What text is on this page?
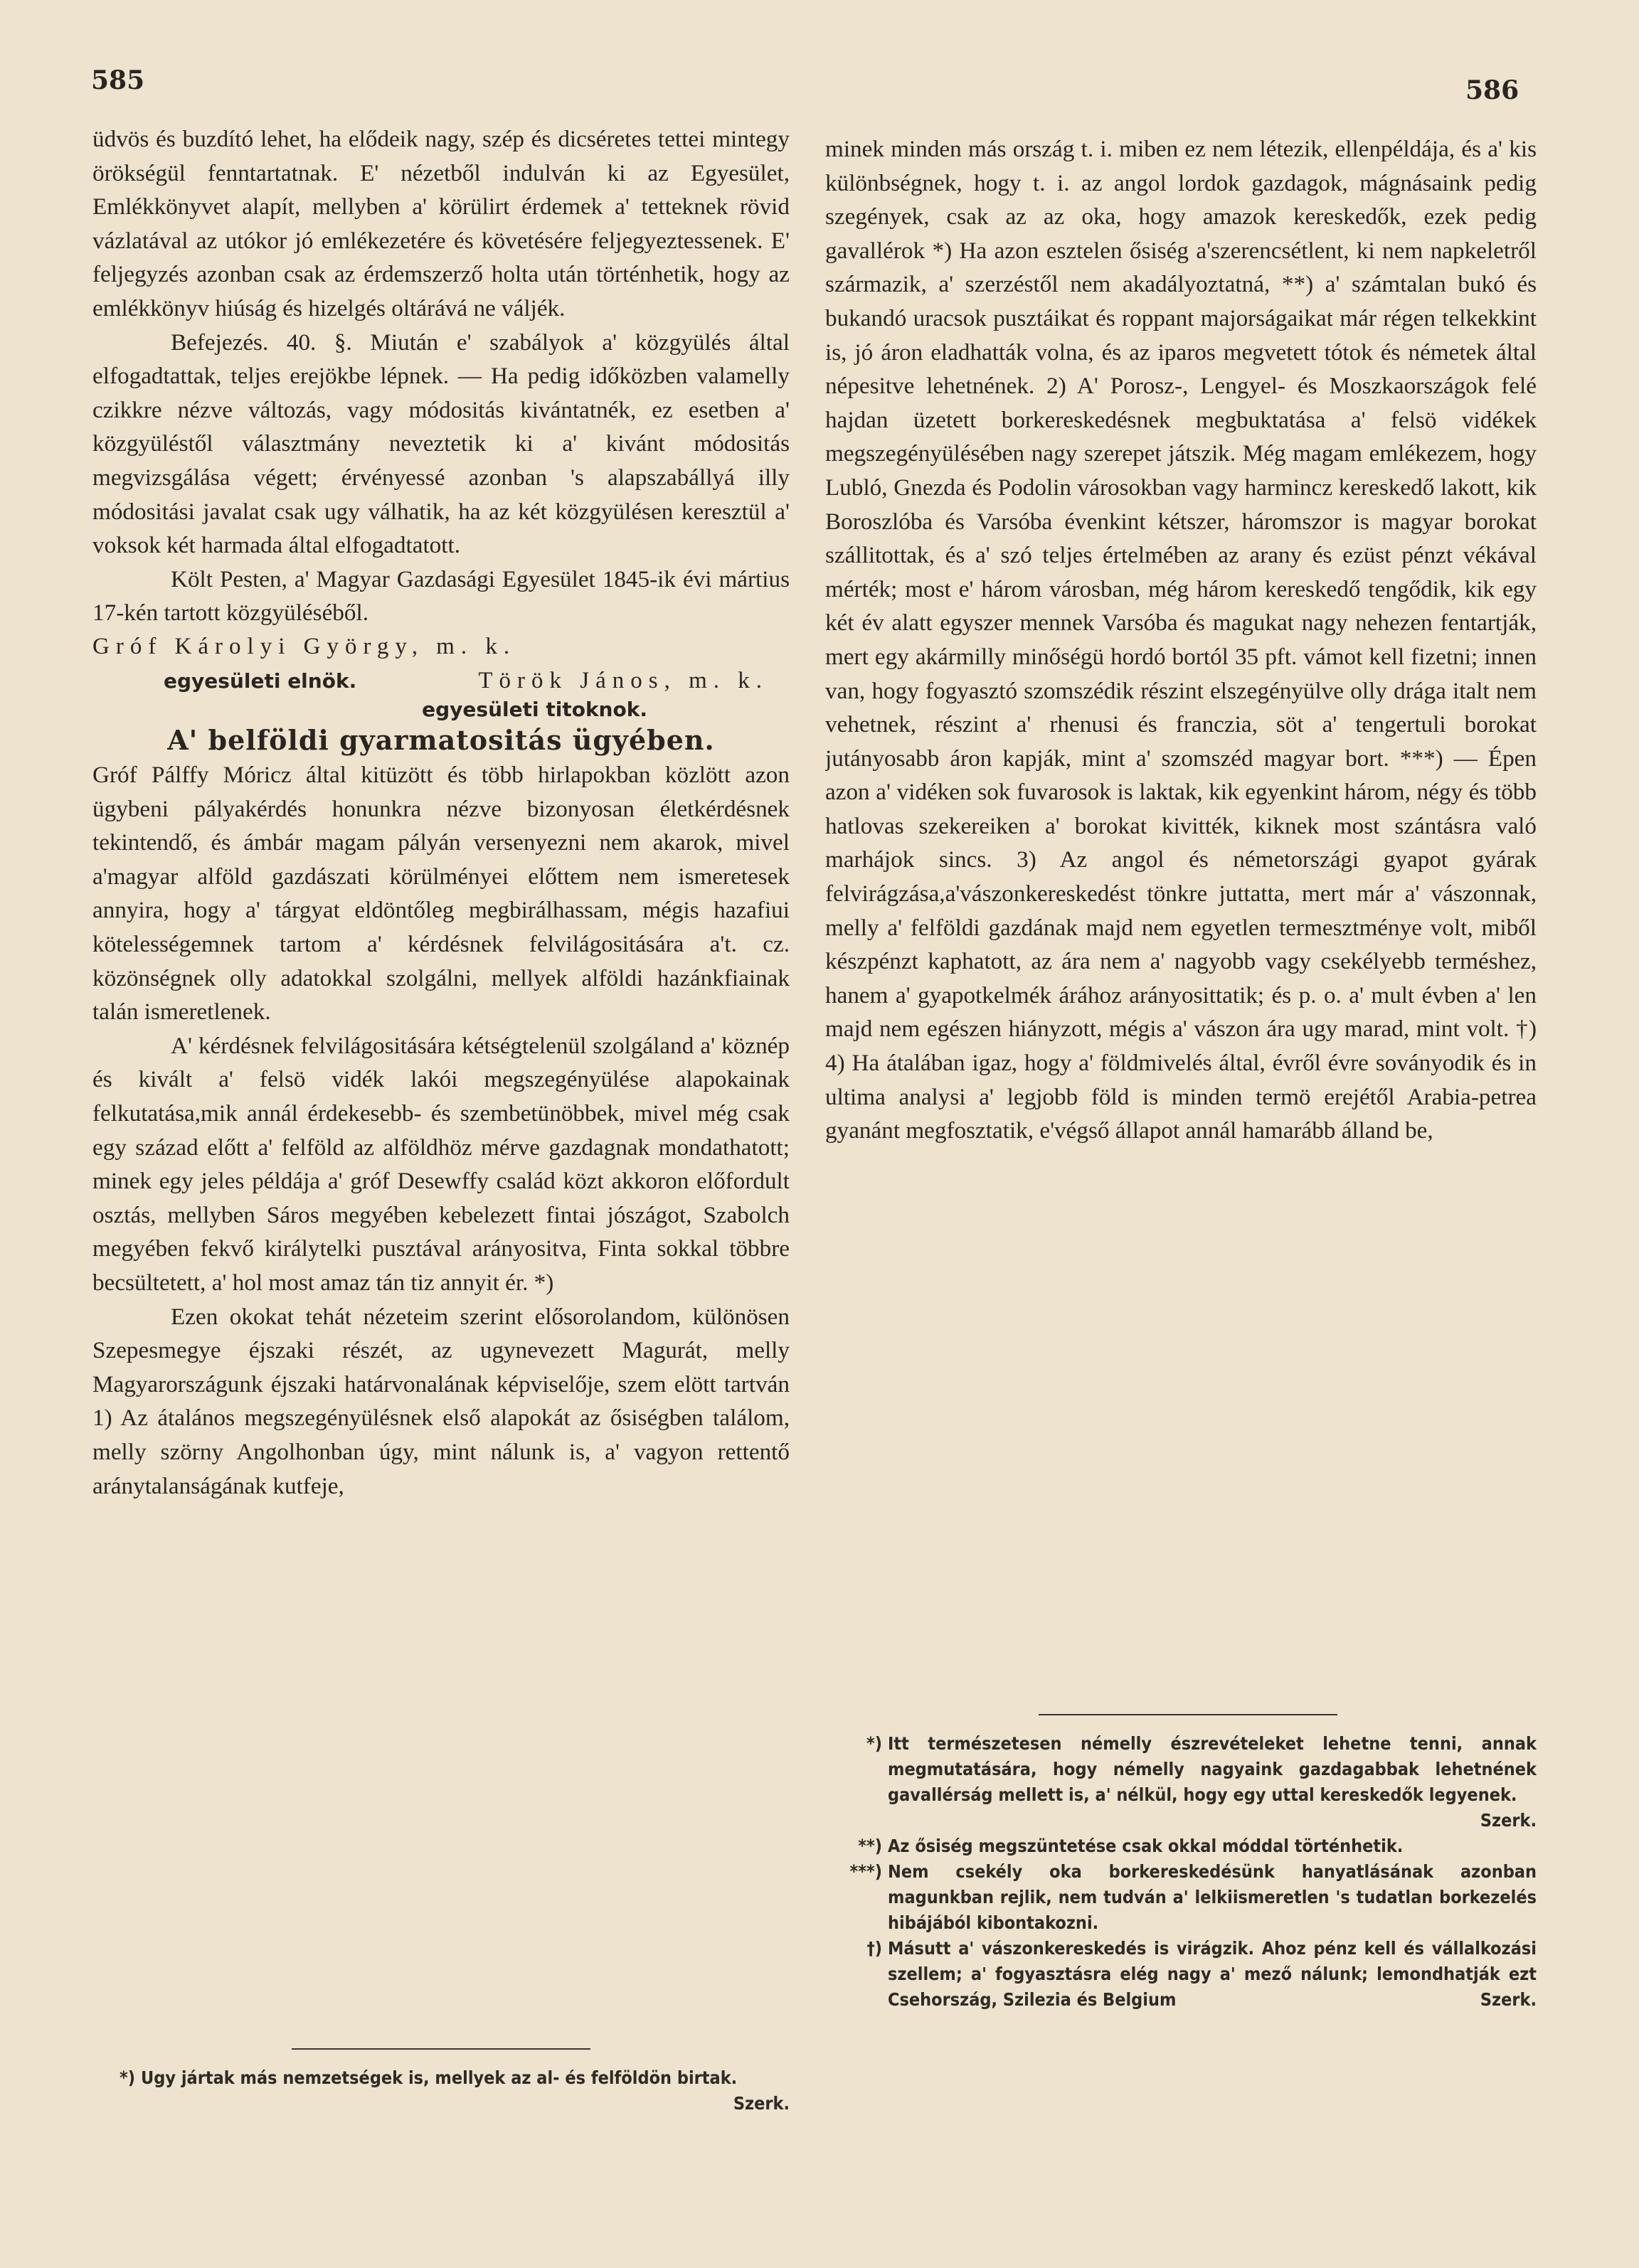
585	586

üdvös és buzdító lehet, ha elődeik nagy, szép és dicséretes tettei mintegy örökségül fenntartatnak. E' nézetből indulván ki az Egyesület, Emlékkönyvet alapít, mellyben a' körülirt érdemek a' tetteknek rövid vázlatával az utókor jó emlékezetére és követésére feljegyeztessenek. E' feljegyzés azonban csak az érdemszerző holta után történhetik, hogy az emlékkönyv hiúság és hizelgés oltárává ne váljék.

Befejezés. 40. §. Miután e' szabályok a' közgyülés által elfogadtattak, teljes erejökbe lépnek. — Ha pedig időközben valamelly czikkre nézve változás, vagy módositás kivántatnék, ez esetben a' közgyüléstől választmány neveztetik ki a' kivánt módositás megvizsgálása végett; érvényessé azonban 's alapszabállyá illy módositási javalat csak ugy válhatik, ha az két közgyülésen keresztül a' voksok két harmada által elfogadtatott.

Költ Pesten, a' Magyar Gazdasági Egyesület 1845-ik évi mártius 17-kén tartott közgyüléséből.

Gróf Károlyi György, m. k.
egyesületi elnök.	Török János, m. k.
egyesületi titoknok.
A' belföldi gyarmatositás ügyében.

Gróf Pálffy Móricz által kitüzött és több hirlapokban közlött azon ügybeni pályakérdés honunkra nézve bizonyosan életkérdésnek tekintendő, és ámbár magam pályán versenyezni nem akarok, mivel a'magyar alföld gazdászati körülményei előttem nem ismeretesek annyira, hogy a' tárgyat eldöntőleg megbirálhassam, mégis hazafiui kötelességemnek tartom a' kérdésnek felvilágositására a't. cz. közönségnek olly adatokkal szolgálni, mellyek alföldi hazánkfiainak talán ismeretlenek.

A' kérdésnek felvilágositására kétségtelenül szolgáland a' köznép és kivált a' felsö vidék lakói megszegényülése alapokainak felkutatása,mik annál érdekesebb- és szembetünöbbek, mivel még csak egy század előtt a' felföld az alföldhöz mérve gazdagnak mondathatott; minek egy jeles példája a' gróf Desewffy család közt akkoron előfordult osztás, mellyben Sáros megyében kebelezett fintai jószágot, Szabolch megyében fekvő királytelki pusztával arányositva, Finta sokkal többre becsültetett, a' hol most amaz tán tiz annyit ér. *)

Ezen okokat tehát nézeteim szerint elősorolandom, különösen Szepesmegye éjszaki részét, az ugynevezett Magurát, melly Magyarországunk éjszaki határvonalának képviselője, szem elött tartván 1) Az átalános megszegényülésnek első alapokát az ősiségben találom, melly szörny Angolhonban úgy, mint nálunk is, a' vagyon rettentő aránytalanságának kutfeje,

*) Ugy jártak más nemzetségek is, mellyek az al- és felföldön birtak.
Szerk.

minek minden más ország t. i. miben ez nem létezik, ellenpéldája, és a' kis különbségnek, hogy t. i. az angol lordok gazdagok, mágnásaink pedig szegények, csak az az oka, hogy amazok kereskedők, ezek pedig gavallérok *) Ha azon esztelen ősiség a'szerencsétlent, ki nem napkeletről származik, a' szerzéstől nem akadályoztatná, **) a' számtalan bukó és bukandó uracsok pusztáikat és roppant majorságaikat már régen telkekkint is, jó áron eladhatták volna, és az iparos megvetett tótok és németek által népesitve lehetnének. 2) A' Porosz-, Lengyel- és Moszkaországok felé hajdan üzetett borkereskedésnek megbuktatása a' felsö vidékek megszegényülésében nagy szerepet játszik. Még magam emlékezem, hogy Lubló, Gnezda és Podolin városokban vagy harmincz kereskedő lakott, kik Boroszlóba és Varsóba évenkint kétszer, háromszor is magyar borokat szállitottak, és a' szó teljes értelmében az arany és ezüst pénzt vékával mérték; most e' három városban, még három kereskedő tengődik, kik egy két év alatt egyszer mennek Varsóba és magukat nagy nehezen fentartják, mert egy akármilly minőségü hordó bortól 35 pft. vámot kell fizetni; innen van, hogy fogyasztó szomszédik részint elszegényülve olly drága italt nem vehetnek, részint a' rhenusi és franczia, söt a' tengertuli borokat jutányosabb áron kapják, mint a' szomszéd magyar bort. ***) — Épen azon a' vidéken sok fuvarosok is laktak, kik egyenkint három, négy és több hatlovas szekereiken a' borokat kivitték, kiknek most szántásra való marhájok sincs. 3) Az angol és németországi gyapot gyárak felvirágzása,a'vászonkereskedést tönkre juttatta, mert már a' vászonnak, melly a' felföldi gazdának majd nem egyetlen termesztménye volt, miből készpénzt kaphatott, az ára nem a' nagyobb vagy csekélyebb terméshez, hanem a' gyapotkelmék árához arányosittatik; és p. o. a' mult évben a' len majd nem egészen hiányzott, mégis a' vászon ára ugy marad, mint volt. †) 4) Ha átalában igaz, hogy a' földmivelés által, évről évre soványodik és in ultima analysi a' legjobb föld is minden termö erejétől Arabia-petrea gyanánt megfosztatik, e'végső állapot annál hamarább álland be,

*) Itt természetesen némelly észrevételeket lehetne tenni, annak megmutatására, hogy némelly nagyaink gazdagabbak lehetnének gavallérság mellett is, a' nélkül, hogy egy uttal kereskedők legyenek.
Szerk.
**) Az ősiség megszüntetése csak okkal móddal történhetik.
***) Nem csekély oka borkereskedésünk hanyatlásának azonban magunkban rejlik, nem tudván a' lelkiismeretlen 's tudatlan borkezelés hibájából kibontakozni.
†) Másutt a' vászonkereskedés is virágzik. Ahoz pénz kell és vállalkozási szellem; a' fogyasztásra elég nagy a' mező nálunk; lemondhatják ezt Csehország, Szilezia és Belgium	Szerk.
